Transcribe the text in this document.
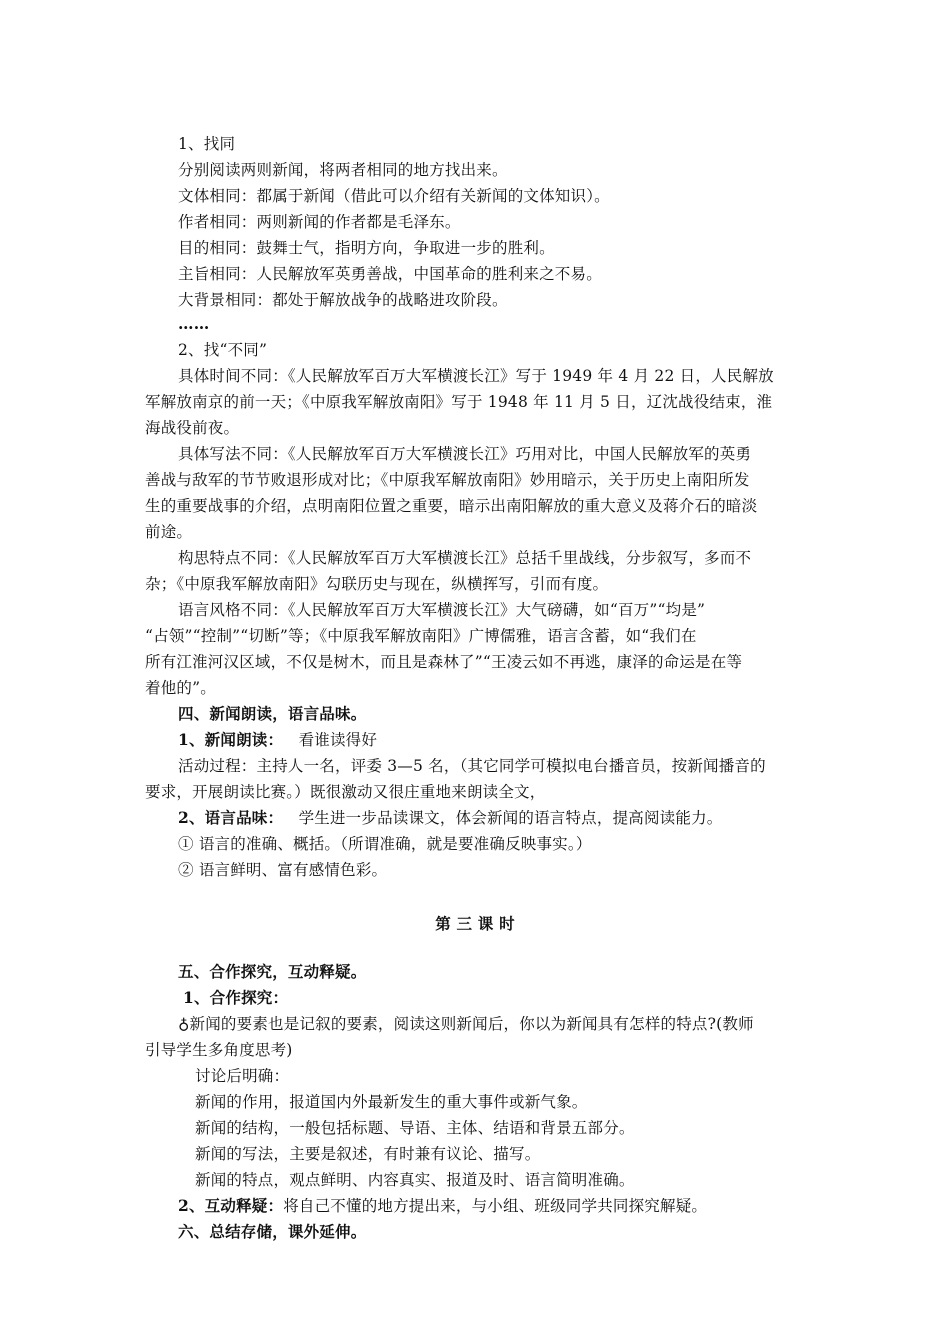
1、找同
分别阅读两则新闻，将两者相同的地方找出来。
文体相同：都属于新闻（借此可以介绍有关新闻的文体知识）。
作者相同：两则新闻的作者都是毛泽东。
目的相同：鼓舞士气，指明方向，争取进一步的胜利。
主旨相同：人民解放军英勇善战，中国革命的胜利来之不易。
大背景相同：都处于解放战争的战略进攻阶段。
……
2、找“不同”
具体时间不同：《人民解放军百万大军横渡长江》写于 1949 年 4 月 22 日，人民解放
军解放南京的前一天；《中原我军解放南阳》写于 1948 年 11 月 5 日，辽沈战役结束，淮
海战役前夜。
具体写法不同：《人民解放军百万大军横渡长江》巧用对比，中国人民解放军的英勇
善战与敌军的节节败退形成对比；《中原我军解放南阳》妙用暗示，关于历史上南阳所发
生的重要战事的介绍，点明南阳位置之重要，暗示出南阳解放的重大意义及蒋介石的暗淡
前途。
构思特点不同：《人民解放军百万大军横渡长江》总括千里战线，分步叙写，多而不
杂；《中原我军解放南阳》勾联历史与现在，纵横挥写，引而有度。
语言风格不同：《人民解放军百万大军横渡长江》大气磅礴，如“百万”“均是”
“占领”“控制”“切断”等；《中原我军解放南阳》广博儒雅，语言含蓄，如“我们在
所有江淮河汉区域，不仅是树木，而且是森林了”“王凌云如不再逃，康泽的命运是在等
着他的”。
四、新闻朗读，语言品味。
1、新闻朗读： 看谁读得好
活动过程：主持人一名，评委 3—5 名，（其它同学可模拟电台播音员，按新闻播音的
要求，开展朗读比赛。）既很激动又很庄重地来朗读全文，
2、语言品味： 学生进一步品读课文，体会新闻的语言特点，提高阅读能力。
① 语言的准确、概括。（所谓准确，就是要准确反映事实。）
② 语言鲜明、富有感情色彩。
第 三 课 时
五、合作探究，互动释疑。
1、合作探究：
♁新闻的要素也是记叙的要素，阅读这则新闻后，你以为新闻具有怎样的特点?(教师
引导学生多角度思考)
讨论后明确：
新闻的作用，报道国内外最新发生的重大事件或新气象。
新闻的结构，一般包括标题、导语、主体、结语和背景五部分。
新闻的写法，主要是叙述，有时兼有议论、描写。
新闻的特点，观点鲜明、内容真实、报道及时、语言简明准确。
2、互动释疑：将自己不懂的地方提出来，与小组、班级同学共同探究解疑。
六、总结存储，课外延伸。
